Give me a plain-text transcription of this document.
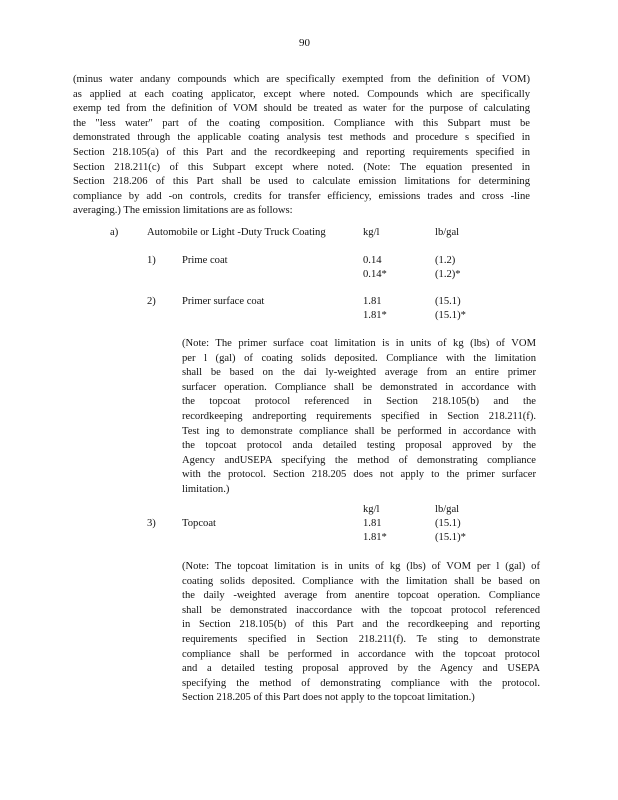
90
(minus water andany compounds which are specifically exempted from the definition of VOM)
as applied at each coating applicator, except where noted. Compounds which are specifically
exemp ted from the definition of VOM should be treated as water for the purpose of calculating
the "less water" part of the coating composition. Compliance with this Subpart must be
demonstrated through the applicable coating analysis test methods and procedure s specified in
Section 218.105(a) of this Part and the recordkeeping and reporting requirements specified in
Section 218.211(c) of this Subpart except where noted. (Note: The equation presented in
Section 218.206 of this Part shall be used to calculate emission limitations for determining
compliance by add -on controls, credits for transfer efficiency, emissions trades and cross -line
averaging.) The emission limitations are as follows:
a)	Automobile or Light -Duty Truck Coating	kg/l	lb/gal
1) Prime coat	0.14	(1.2)
0.14*	(1.2)*
2) Primer surface coat	1.81	(15.1)
1.81*	(15.1)*
(Note: The primer surface coat limitation is in units of kg (lbs) of VOM
per l (gal) of coating solids deposited. Compliance with the limitation
shall be based on the dai ly-weighted average from an entire primer
surfacer operation. Compliance shall be demonstrated in accordance with
the topcoat protocol referenced in Section 218.105(b) and the
recordkeeping andreporting requirements specified in Section 218.211(f).
Test ing to demonstrate compliance shall be performed in accordance with
the topcoat protocol anda detailed testing proposal approved by the
Agency andUSEPA specifying the method of demonstrating compliance
with the protocol. Section 218.205 does not apply to the primer surfacer
limitation.)
kg/l	lb/gal
3) Topcoat	1.81	(15.1)
1.81*	(15.1)*
(Note: The topcoat limitation is in units of kg (lbs) of VOM per l (gal) of
coating solids deposited. Compliance with the limitation shall be based on
the daily -weighted average from anentire topcoat operation. Compliance
shall be demonstrated inaccordance with the topcoat protocol referenced
in Section 218.105(b) of this Part and the recordkeeping and reporting
requirements specified in Section 218.211(f). Te sting to demonstrate
compliance shall be performed in accordance with the topcoat protocol
and a detailed testing proposal approved by the Agency and USEPA
specifying the method of demonstrating compliance with the protocol.
Section 218.205 of this Part does not apply to the topcoat limitation.)
